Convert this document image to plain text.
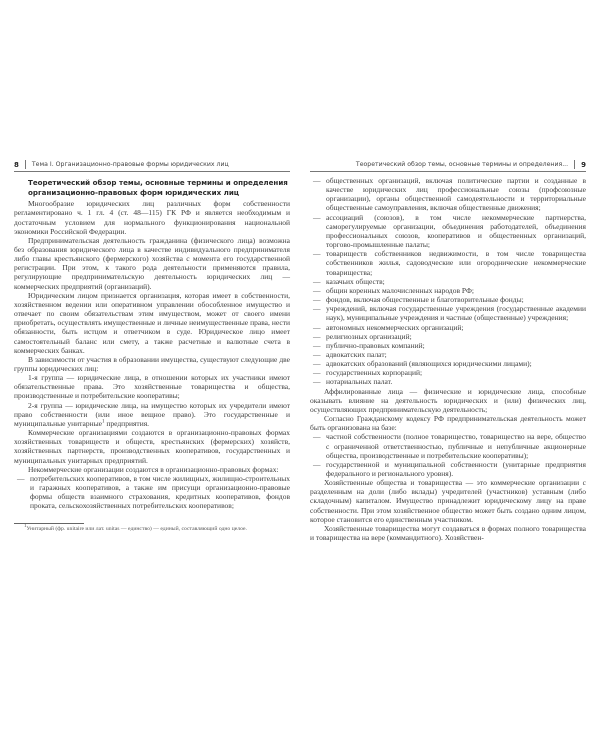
8 Тема I. Организационно-правовые формы юридических лиц
Теоретический обзор темы, основные термины и определения организационно-правовых форм юридических лиц

Многообразие юридических лиц различных форм собственности регламентировано ч. 1 гл. 4 (ст. 48—115) ГК РФ и является необходимым и достаточным условием для нормального функционирования национальной экономики Российской Федерации.

Предпринимательская деятельность гражданина (физического лица) возможна без образования юридического лица в качестве индивидуального предпринимателя либо главы крестьянского (фермерского) хозяйства с момента его государственной регистрации. При этом, к такого рода деятельности применяются правила, регулирующие предпринимательскую деятельность юридических лиц — коммерческих предприятий (организаций).

Юридическим лицом признается организация, которая имеет в собственности, хозяйственном ведении или оперативном управлении обособленное имущество и отвечает по своим обязательствам этим имуществом, может от своего имени приобретать, осуществлять имущественные и личные неимущественные права, нести обязанности, быть истцом и ответчиком в суде. Юридическое лицо имеет самостоятельный баланс или смету, а также расчетные и валютные счета в коммерческих банках.

В зависимости от участия в образовании имущества, существуют следующие две группы юридических лиц:

1-я группа — юридические лица, в отношении которых их участники имеют обязательственные права. Это хозяйственные товарищества и общества, производственные и потребительские кооперативы;

2-я группа — юридические лица, на имущество которых их учредители имеют право собственности (или иное вещное право). Это государственные и муниципальные унитарные$^1$ предприятия.

Коммерческие организациями создаются в организационно-правовых формах хозяйственных товариществ и обществ, крестьянских (фермерских) хозяйств, хозяйственных партнерств, производственных кооперативов, государственных и муниципальных унитарных предприятий.

Некоммерческие организации создаются в организационно-правовых формах:

— потребительских кооперативов, в том числе жилищных, жилищно-строительных и гаражных кооперативов, а также им присущи организационно-правовые формы обществ взаимного страхования, кредитных кооперативов, фондов проката, сельскохозяйственных потребительских кооперативов;

$^1$Унитарный (фр. unitaire или лат. unitas — единство) — единый, составляющий одно целое.

Теоретический обзор темы, основные термины и определения... 9
— общественных организаций, включая политические партии и созданные в качестве юридических лиц профессиональные союзы (профсоюзные организации), органы общественной самодеятельности и территориальные общественные самоуправления, включая общественные движения;
— ассоциаций (союзов), в том числе некоммерческие партнерства, саморегулируемые организации, объединения работодателей, объединения профессиональных союзов, кооперативов и общественных организаций, торгово-промышленные палаты;
— товариществ собственников недвижимости, в том числе товарищества собственников жилья, садоводческие или огороднические некоммерческие товарищества;
— казачьих обществ;
— общин коренных малочисленных народов РФ;
— фондов, включая общественные и благотворительные фонды;
— учреждений, включая государственные учреждения (государственные академии наук), муниципальные учреждения и частные (общественные) учреждения;
— автономных некоммерческих организаций;
— религиозных организаций;
— публично-правовых компаний;
— адвокатских палат;
— адвокатских образований (являющихся юридическими лицами);
— государственных корпораций;
— нотариальных палат.

Аффилированные лица — физические и юридические лица, способные оказывать влияние на деятельность юридических и (или) физических лиц, осуществляющих предпринимательскую деятельность;

Согласно Гражданскому кодексу РФ предпринимательская деятельность может быть организована на базе:

— частной собственности (полное товарищество, товарищество на вере, общество с ограниченной ответственностью, публичные и непубличные акционерные общества, производственные и потребительские кооперативы);
— государственной и муниципальной собственности (унитарные предприятия федерального и регионального уровня).

Хозяйственные общества и товарищества — это коммерческие организации с разделенным на доли (либо вклады) учредителей (участников) уставным (либо складочным) капиталом. Имущество принадлежит юридическому лицу на праве собственности. При этом хозяйственное общество может быть создано одним лицом, которое становится его единственным участником.

Хозяйственные товарищества могут создаваться в формах полного товарищества и товарищества на вере (коммандитного). Хозяйствен-
